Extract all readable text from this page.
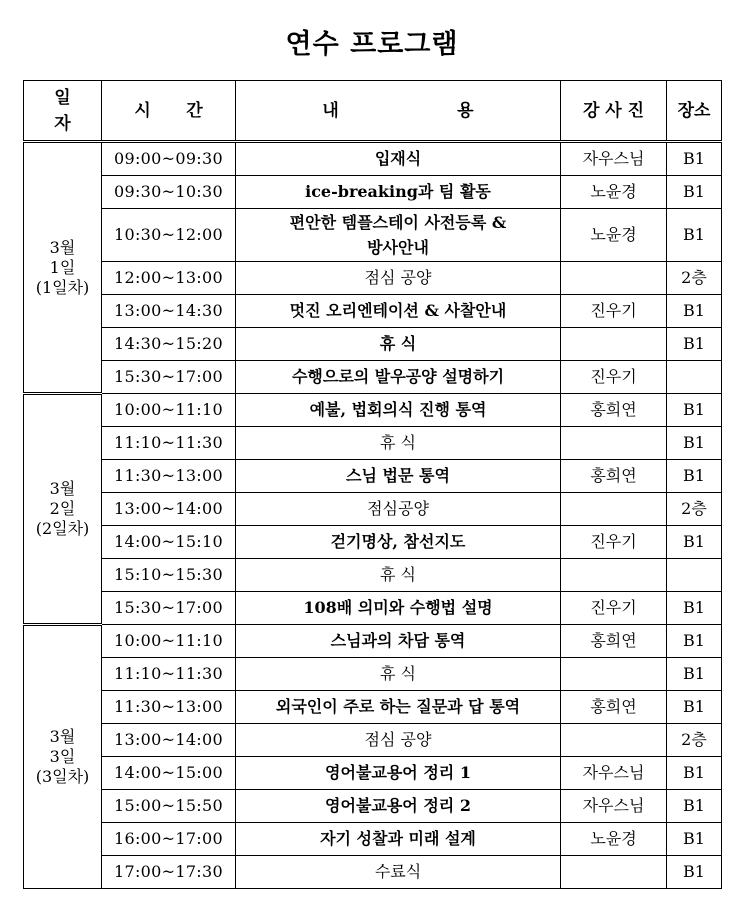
연수 프로그램
일
자	시      간	내                    용	강 사 진	장소
3월
1일
(1일차)	09:00~09:30	입재식	자우스님	B1
	09:30~10:30	ice-breaking과 팀 활동	노윤경	B1
	10:30~12:00	편안한 템플스테이 사전등록 &
방사안내	노윤경	B1
	12:00~13:00	점심 공양		2층
	13:00~14:30	멋진 오리엔테이션 & 사찰안내	진우기	B1
	14:30~15:20	휴 식		B1
	15:30~17:00	수행으로의 발우공양 설명하기	진우기	
3월
2일
(2일차)	10:00~11:10	예불, 법회의식 진행 통역	홍희연	B1
	11:10~11:30	휴 식		B1
	11:30~13:00	스님 법문 통역	홍희연	B1
	13:00~14:00	점심공양		2층
	14:00~15:10	걷기명상, 참선지도	진우기	B1
	15:10~15:30	휴 식		
	15:30~17:00	108배 의미와 수행법 설명	진우기	B1
3월
3일
(3일차)	10:00~11:10	스님과의 차담 통역	홍희연	B1
	11:10~11:30	휴 식		B1
	11:30~13:00	외국인이 주로 하는 질문과 답 통역	홍희연	B1
	13:00~14:00	점심 공양		2층
	14:00~15:00	영어불교용어 정리 1	자우스님	B1
	15:00~15:50	영어불교용어 정리 2	자우스님	B1
	16:00~17:00	자기 성찰과 미래 설계	노윤경	B1
	17:00~17:30	수료식		B1
